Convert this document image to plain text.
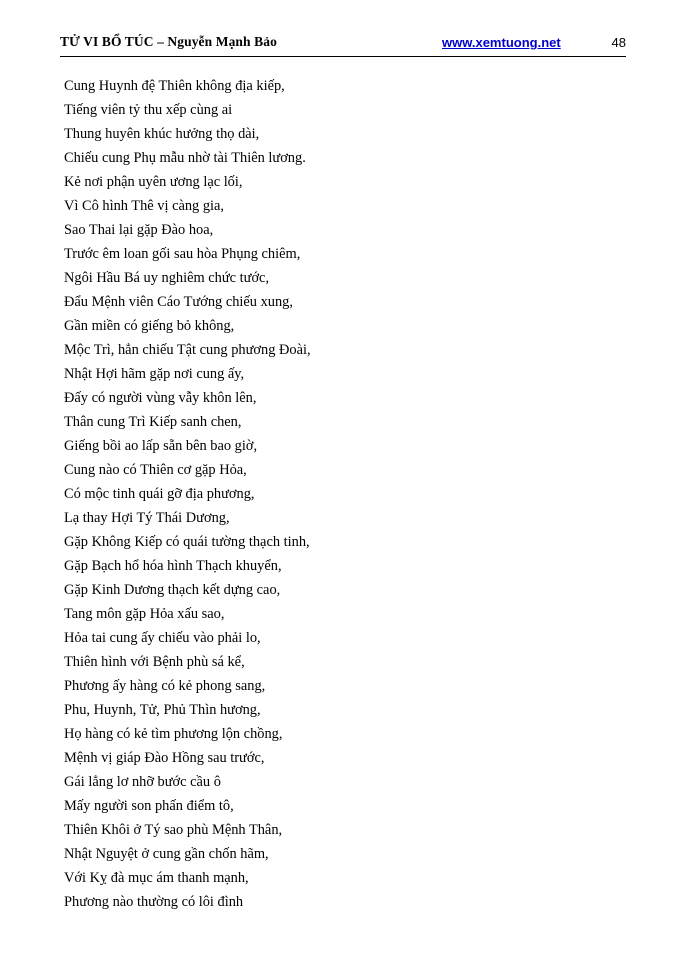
TỬ VI BỔ TÚC – Nguyễn Mạnh Bảo	www.xemtuong.net	48
Cung Huynh đệ Thiên không địa kiếp,
Tiếng viên tỷ thu xếp cùng ai
Thung huyên khúc hưởng thọ dài,
Chiếu cung Phụ mẫu nhờ tài Thiên lương.
Kẻ nơi phận uyên ương lạc lối,
Vì Cô hình Thê vị càng gia,
Sao Thai lại gặp Đào hoa,
Trước êm loan gối sau hòa Phụng chiêm,
Ngôi Hầu Bá uy nghiêm chức tước,
Đẩu Mệnh viên Cáo Tướng chiếu xung,
Gần miền có giếng bỏ không,
Mộc Trì, hẳn chiếu Tật cung phương Đoài,
Nhật Hợi hãm gặp nơi cung ấy,
Đấy có người vùng vẫy khôn lên,
Thân cung Trì Kiếp sanh chen,
Giếng bồi ao lấp sẵn bên bao giờ,
Cung nào có Thiên cơ gặp Hỏa,
Có mộc tinh quái gỡ địa phương,
Lạ thay Hợi Tý Thái Dương,
Gặp Không Kiếp có quái tường thạch tinh,
Gặp Bạch hổ hóa hình Thạch khuyển,
Gặp Kinh Dương thạch kết dựng cao,
Tang môn gặp Hỏa xấu sao,
Hỏa tai cung ấy chiếu vào phải lo,
Thiên hình với Bệnh phù sá kể,
Phương ấy hàng có kẻ phong sang,
Phu, Huynh, Tử, Phủ Thìn hương,
Họ hàng có kẻ tìm phương lộn chồng,
Mệnh vị giáp Đào Hồng sau trước,
Gái lẳng lơ nhỡ bước cầu ô
Mấy người son phấn điểm tô,
Thiên Khôi ở Tý sao phù Mệnh Thân,
Nhật Nguyệt ở cung gần chốn hãm,
Với Kỵ đà mục ám thanh mạnh,
Phương nào thường có lôi đình
